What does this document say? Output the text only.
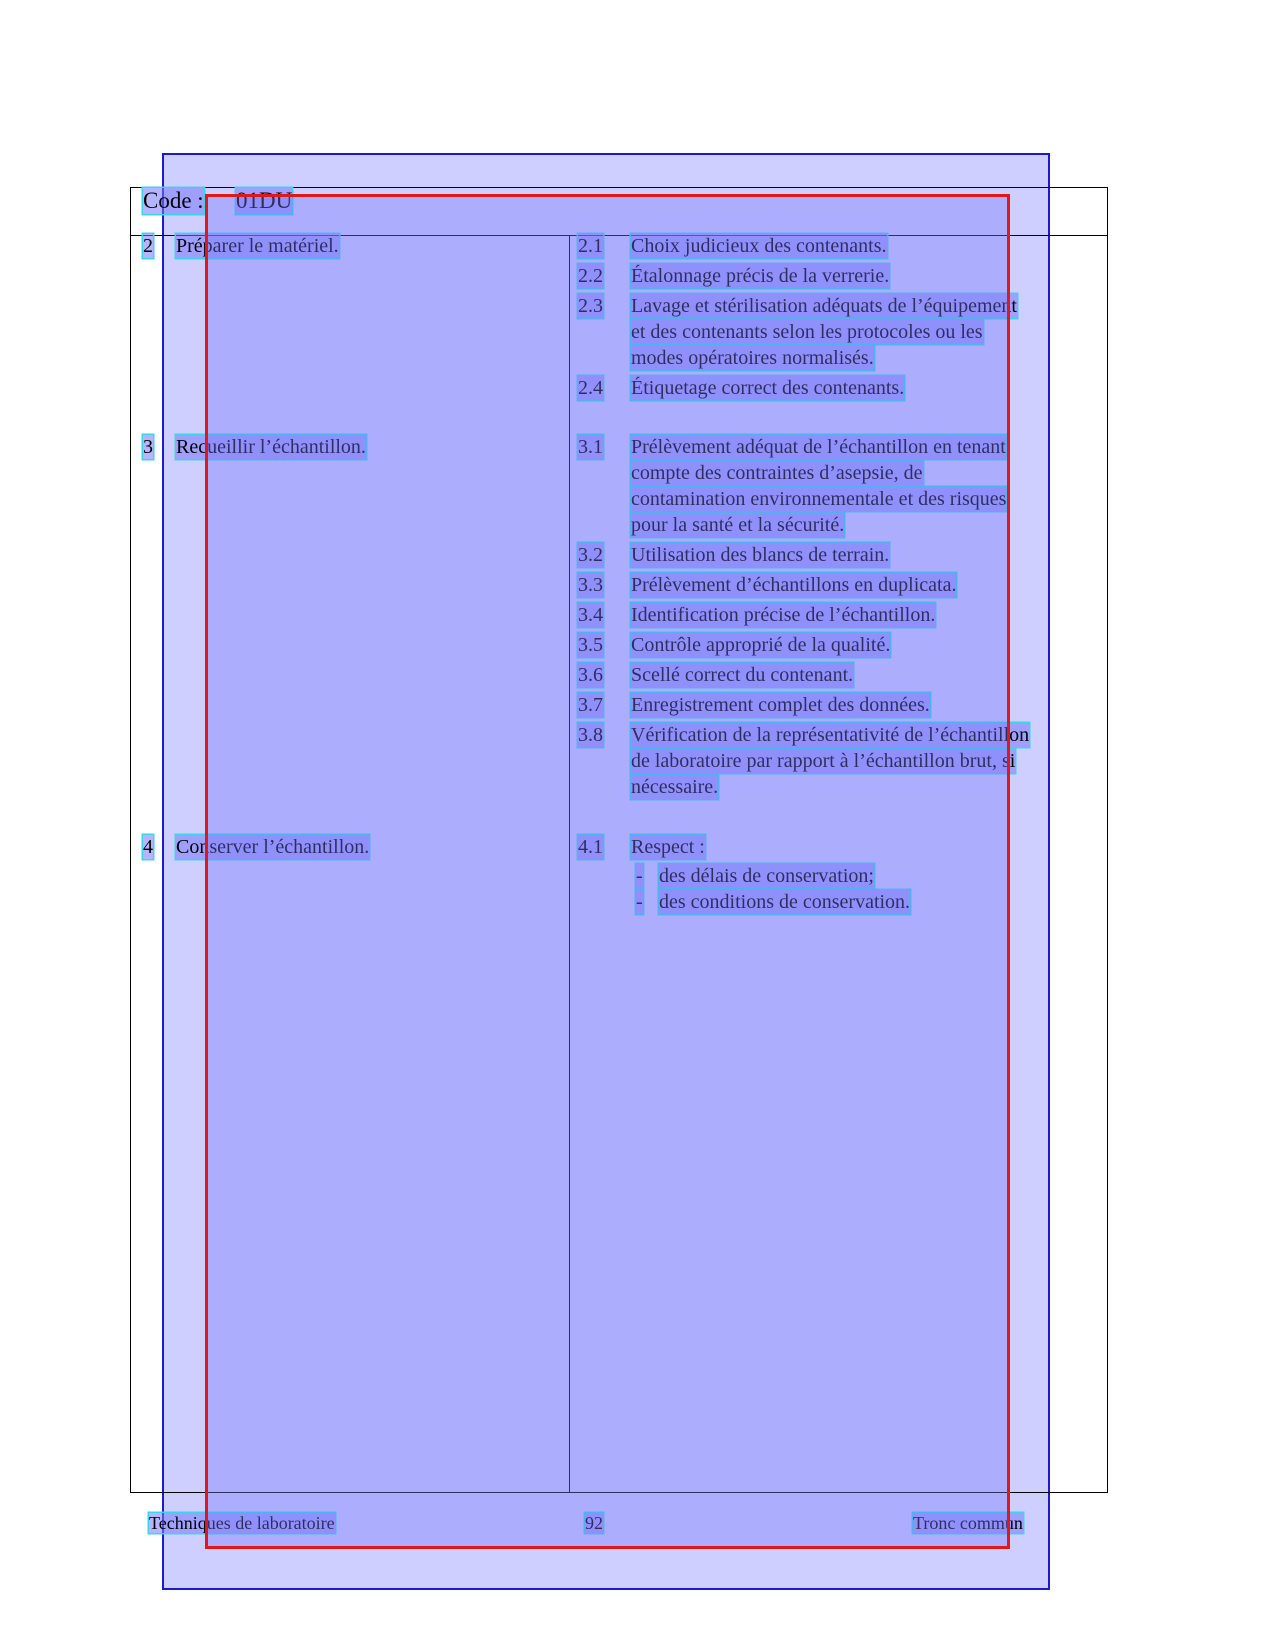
Code : 01DU
2 Préparer le matériel.	2.1 Choix judicieux des contenants.
2.2 Étalonnage précis de la verrerie.
2.3 Lavage et stérilisation adéquats de l’équipement
et des contenants selon les protocoles ou les
modes opératoires normalisés.
2.4 Étiquetage correct des contenants.
3 Recueillir l’échantillon.	3.1 Prélèvement adéquat de l’échantillon en tenant
compte des contraintes d’asepsie, de
contamination environnementale et des risques
pour la santé et la sécurité.
3.2 Utilisation des blancs de terrain.
3.3 Prélèvement d’échantillons en duplicata.
3.4 Identification précise de l’échantillon.
3.5 Contrôle approprié de la qualité.
3.6 Scellé correct du contenant.
3.7 Enregistrement complet des données.
3.8 Vérification de la représentativité de l’échantillon
de laboratoire par rapport à l’échantillon brut, si
nécessaire.
4 Conserver l’échantillon.	4.1 Respect :
- des délais de conservation;
- des conditions de conservation.
Techniques de laboratoire	92	Tronc commun
